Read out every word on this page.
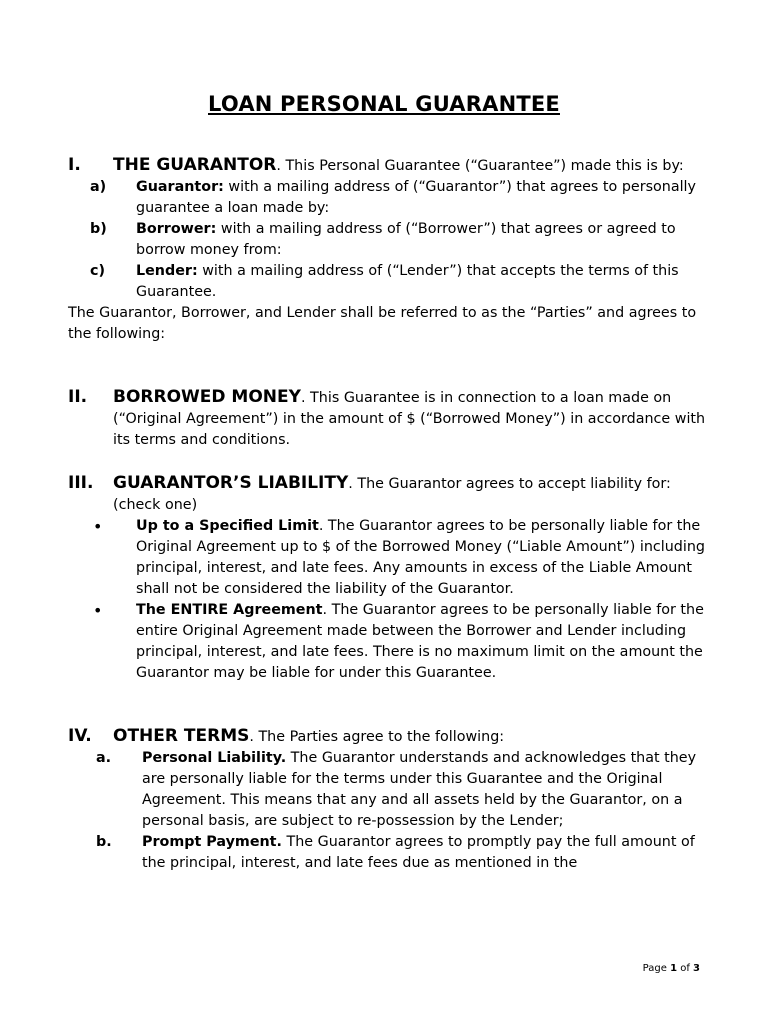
LOAN PERSONAL GUARANTEE
I. THE GUARANTOR. This Personal Guarantee (“Guarantee”) made this is by:
a) Guarantor: with a mailing address of (“Guarantor”) that agrees to personally guarantee a loan made by:
b) Borrower: with a mailing address of (“Borrower”) that agrees or agreed to borrow money from:
c) Lender: with a mailing address of (“Lender”) that accepts the terms of this Guarantee.
The Guarantor, Borrower, and Lender shall be referred to as the “Parties” and agrees to the following:
II. BORROWED MONEY. This Guarantee is in connection to a loan made on (“Original Agreement”) in the amount of $ (“Borrowed Money”) in accordance with its terms and conditions.
III. GUARANTOR’S LIABILITY. The Guarantor agrees to accept liability for: (check one)
• Up to a Specified Limit. The Guarantor agrees to be personally liable for the Original Agreement up to $ of the Borrowed Money (“Liable Amount”) including principal, interest, and late fees. Any amounts in excess of the Liable Amount shall not be considered the liability of the Guarantor.
• The ENTIRE Agreement. The Guarantor agrees to be personally liable for the entire Original Agreement made between the Borrower and Lender including principal, interest, and late fees. There is no maximum limit on the amount the Guarantor may be liable for under this Guarantee.
IV. OTHER TERMS. The Parties agree to the following:
a. Personal Liability. The Guarantor understands and acknowledges that they are personally liable for the terms under this Guarantee and the Original Agreement. This means that any and all assets held by the Guarantor, on a personal basis, are subject to re-possession by the Lender;
b. Prompt Payment. The Guarantor agrees to promptly pay the full amount of the principal, interest, and late fees due as mentioned in the
Page 1 of 3
